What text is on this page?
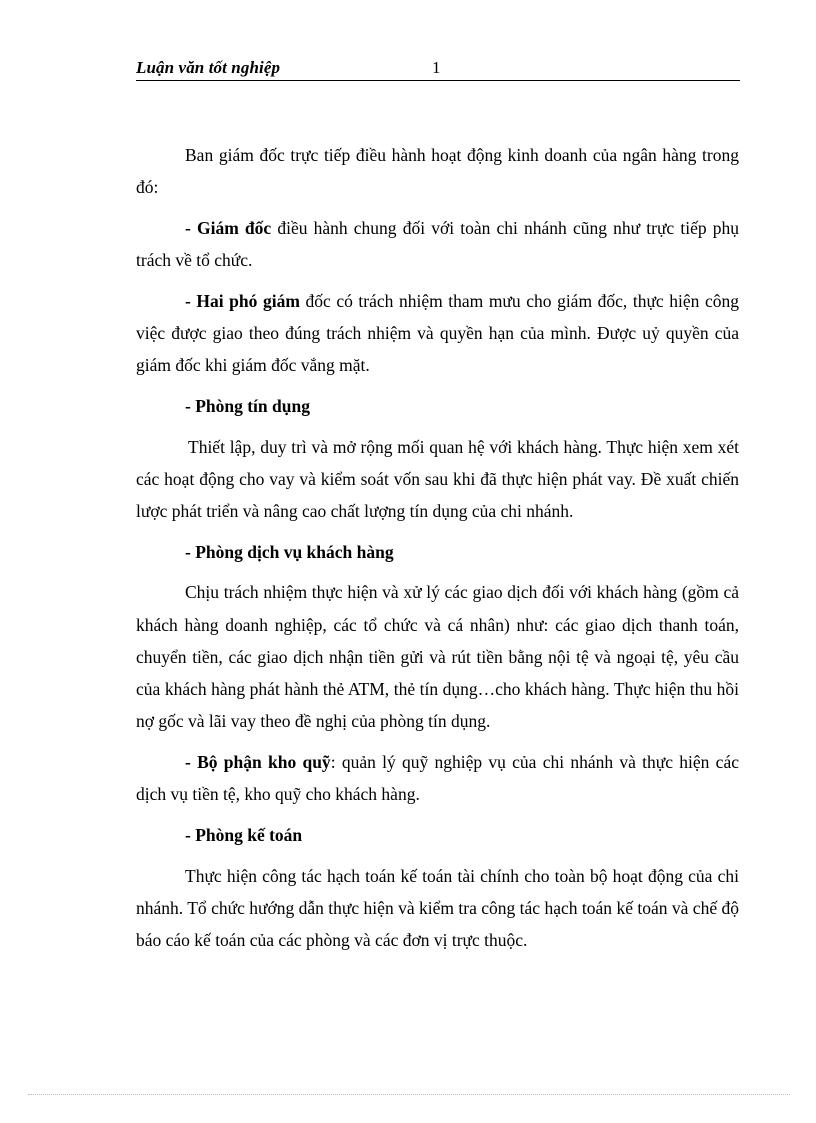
Luận văn tốt nghiệp	1

Ban giám đốc trực tiếp điều hành hoạt động kinh doanh của ngân hàng trong đó:

- Giám đốc điều hành chung đối với toàn chi nhánh cũng như trực tiếp phụ trách về tổ chức.

- Hai phó giám đốc có trách nhiệm tham mưu cho giám đốc, thực hiện công việc được giao theo đúng trách nhiệm và quyền hạn của mình. Được uỷ quyền của giám đốc khi giám đốc vắng mặt.

- Phòng tín dụng

Thiết lập, duy trì và mở rộng mối quan hệ với khách hàng. Thực hiện xem xét các hoạt động cho vay và kiểm soát vốn sau khi đã thực hiện phát vay. Đề xuất chiến lược phát triển và nâng cao chất lượng tín dụng của chi nhánh.

- Phòng dịch vụ khách hàng

Chịu trách nhiệm thực hiện và xử lý các giao dịch đối với khách hàng (gồm cả khách hàng doanh nghiệp, các tổ chức và cá nhân) như: các giao dịch thanh toán, chuyển tiền, các giao dịch nhận tiền gửi và rút tiền bằng nội tệ và ngoại tệ, yêu cầu của khách hàng phát hành thẻ ATM, thẻ tín dụng…cho khách hàng. Thực hiện thu hồi nợ gốc và lãi vay theo đề nghị của phòng tín dụng.

- Bộ phận kho quỹ: quản lý quỹ nghiệp vụ của chi nhánh và thực hiện các dịch vụ tiền tệ, kho quỹ cho khách hàng.

- Phòng kế toán

Thực hiện công tác hạch toán kế toán tài chính cho toàn bộ hoạt động của chi nhánh. Tổ chức hướng dẫn thực hiện và kiểm tra công tác hạch toán kế toán và chế độ báo cáo kế toán của các phòng và các đơn vị trực thuộc.
